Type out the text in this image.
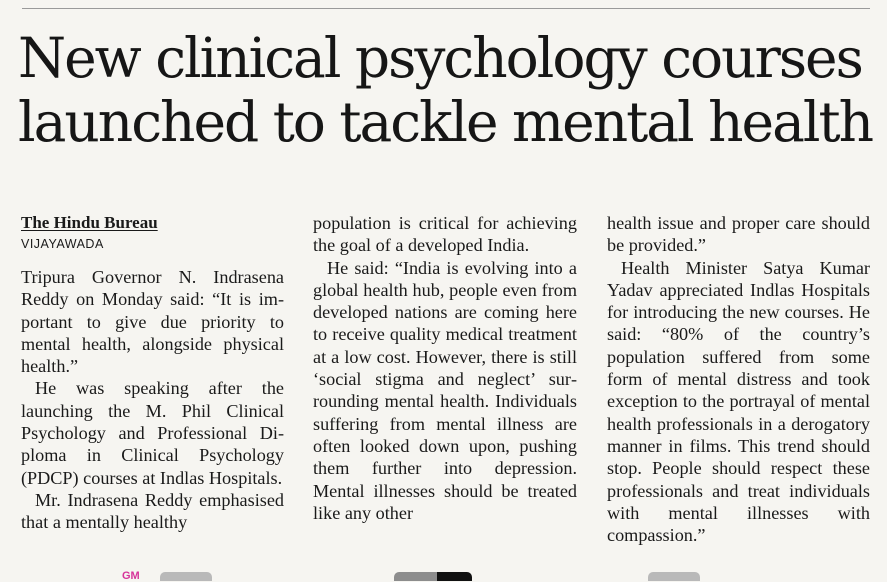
New clinical psychology courses launched to tackle mental health

The Hindu Bureau

VIJAYAWADA

Tripura Governor N. Indrasena Reddy on Monday said: “It is important to give due priority to mental health, alongside physical health.”

He was speaking after the launching the M. Phil Clinical Psychology and Professional Diploma in Clinical Psychology (PDCP) courses at Indlas Hospitals.

Mr. Indrasena Reddy emphasised that a mentally healthy

population is critical for achieving the goal of a developed India.

He said: “India is evolving into a global health hub, people even from developed nations are coming here to receive quality medical treatment at a low cost. However, there is still ‘social stigma and neglect’ surrounding mental health. Individuals suffering from mental illness are often looked down upon, pushing them further into depression. Mental illnesses should be treated like any other

health issue and proper care should be provided.”

Health Minister Satya Kumar Yadav appreciated Indlas Hospitals for introducing the new courses. He said: “80% of the country’s population suffered from some form of mental distress and took exception to the portrayal of mental health professionals in a derogatory manner in films. This trend should stop. People should respect these professionals and treat individuals with mental illnesses with compassion.”

GM
